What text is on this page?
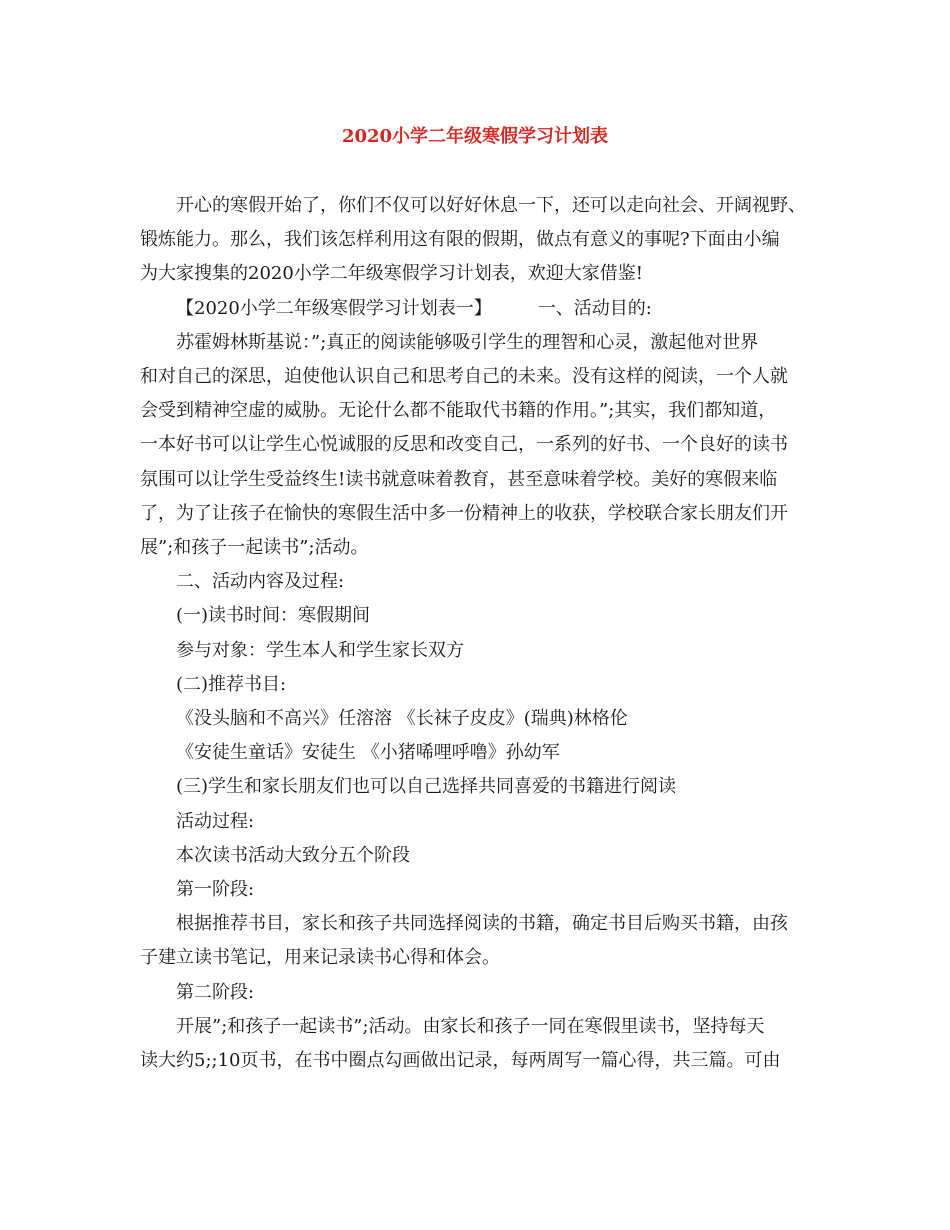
2020小学二年级寒假学习计划表

开心的寒假开始了，你们不仅可以好好休息一下，还可以走向社会、开阔视野、

锻炼能力。那么，我们该怎样利用这有限的假期，做点有意义的事呢?下面由小编

为大家搜集的2020小学二年级寒假学习计划表，欢迎大家借鉴!

【2020小学二年级寒假学习计划表一】	一、活动目的:

苏霍姆林斯基说：”;真正的阅读能够吸引学生的理智和心灵，激起他对世界

和对自己的深思，迫使他认识自己和思考自己的未来。没有这样的阅读，一个人就

会受到精神空虚的威胁。无论什么都不能取代书籍的作用。”;其实，我们都知道，

一本好书可以让学生心悦诚服的反思和改变自己，一系列的好书、一个良好的读书

氛围可以让学生受益终生!读书就意味着教育，甚至意味着学校。美好的寒假来临

了，为了让孩子在愉快的寒假生活中多一份精神上的收获，学校联合家长朋友们开

展”;和孩子一起读书”;活动。

二、活动内容及过程:

(一)读书时间：寒假期间

参与对象：学生本人和学生家长双方

(二)推荐书目:

《没头脑和不高兴》任溶溶 《长袜子皮皮》(瑞典)林格伦

《安徒生童话》安徒生 《小猪唏哩呼噜》孙幼军

(三)学生和家长朋友们也可以自己选择共同喜爱的书籍进行阅读

活动过程:

本次读书活动大致分五个阶段

第一阶段:

根据推荐书目，家长和孩子共同选择阅读的书籍，确定书目后购买书籍，由孩

子建立读书笔记，用来记录读书心得和体会。

第二阶段:

开展”;和孩子一起读书”;活动。由家长和孩子一同在寒假里读书，坚持每天

读大约5;;10页书，在书中圈点勾画做出记录，每两周写一篇心得，共三篇。可由
